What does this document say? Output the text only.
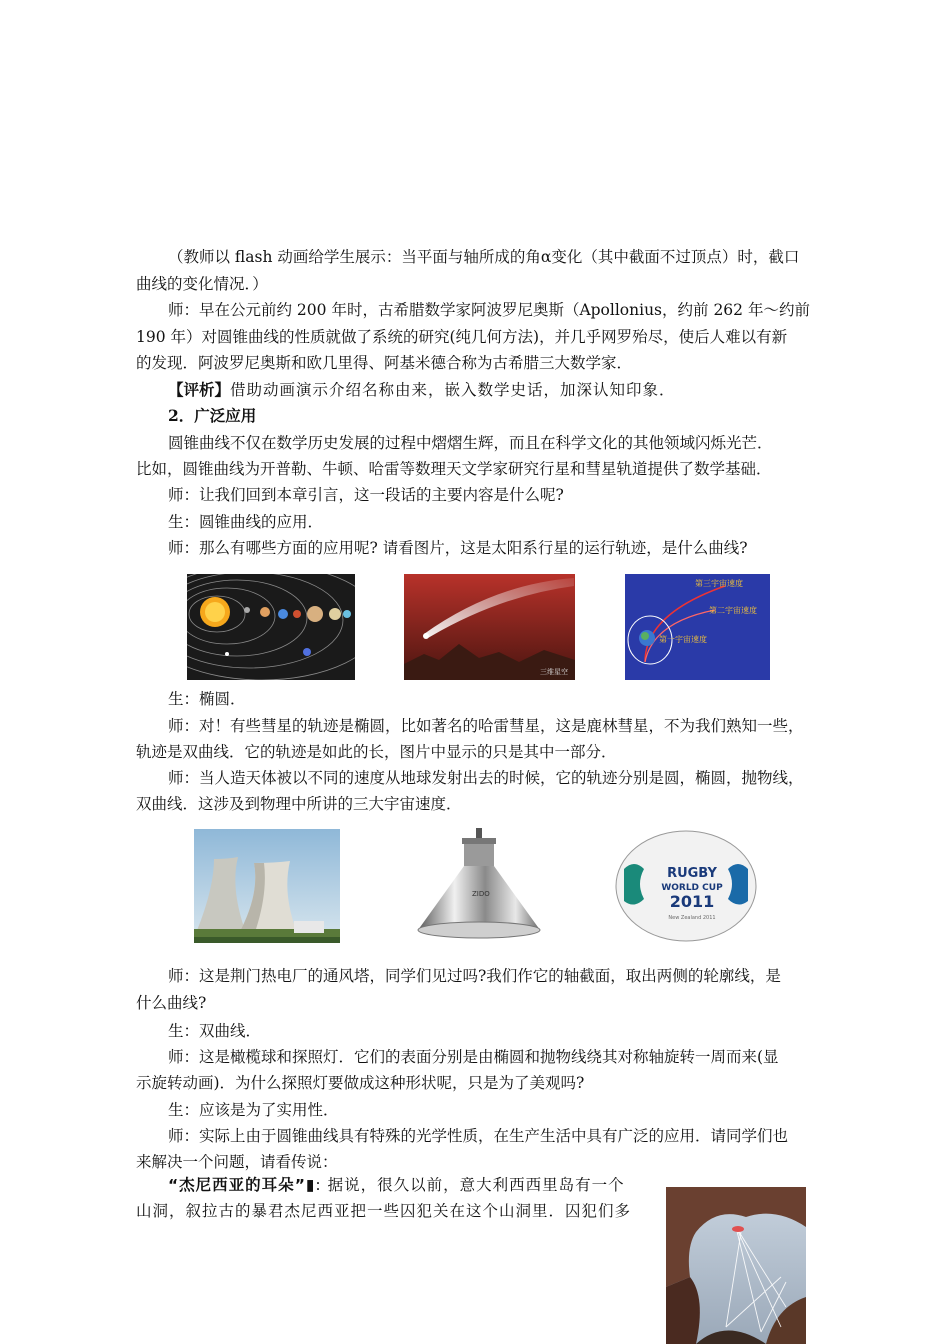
（教师以 flash 动画给学生展示：当平面与轴所成的角α变化（其中截面不过顶点）时，截口
曲线的变化情况．）
师：早在公元前约 200 年时，古希腊数学家阿波罗尼奥斯（Apollonius，约前 262 年～约前
190 年）对圆锥曲线的性质就做了系统的研究(纯几何方法)，并几乎网罗殆尽，使后人难以有新
的发现．阿波罗尼奥斯和欧几里得、阿基米德合称为古希腊三大数学家．
【评析】借助动画演示介绍名称由来，嵌入数学史话，加深认知印象．
2．广泛应用
圆锥曲线不仅在数学历史发展的过程中熠熠生辉，而且在科学文化的其他领域闪烁光芒．
比如，圆锥曲线为开普勒、牛顿、哈雷等数理天文学家研究行星和彗星轨道提供了数学基础．
师：让我们回到本章引言，这一段话的主要内容是什么呢?
生：圆锥曲线的应用．
师：那么有哪些方面的应用呢? 请看图片，这是太阳系行星的运行轨迹，是什么曲线?
三维星空
第三宇宙速度
第二宇宙速度
第一宇宙速度
生：椭圆．
师：对！有些彗星的轨迹是椭圆，比如著名的哈雷彗星，这是鹿林彗星，不为我们熟知一些，
轨迹是双曲线．它的轨迹是如此的长，图片中显示的只是其中一部分．
师：当人造天体被以不同的速度从地球发射出去的时候，它的轨迹分别是圆，椭圆，抛物线，
双曲线．这涉及到物理中所讲的三大宇宙速度．
ZIDO
RUGBY
WORLD CUP
2011
New Zealand 2011
师：这是荆门热电厂的通风塔，同学们见过吗?我们作它的轴截面，取出两侧的轮廓线，是
什么曲线?
生：双曲线．
师：这是橄榄球和探照灯．它们的表面分别是由椭圆和抛物线绕其对称轴旋转一周而来(显
示旋转动画)．为什么探照灯要做成这种形状呢，只是为了美观吗?
生：应该是为了实用性．
师：实际上由于圆锥曲线具有特殊的光学性质，在生产生活中具有广泛的应用．请同学们也
来解决一个问题，请看传说：
“杰尼西亚的耳朵”▮: 据说，很久以前，意大利西西里岛有一个
山洞，叙拉古的暴君杰尼西亚把一些囚犯关在这个山洞里．囚犯们多
